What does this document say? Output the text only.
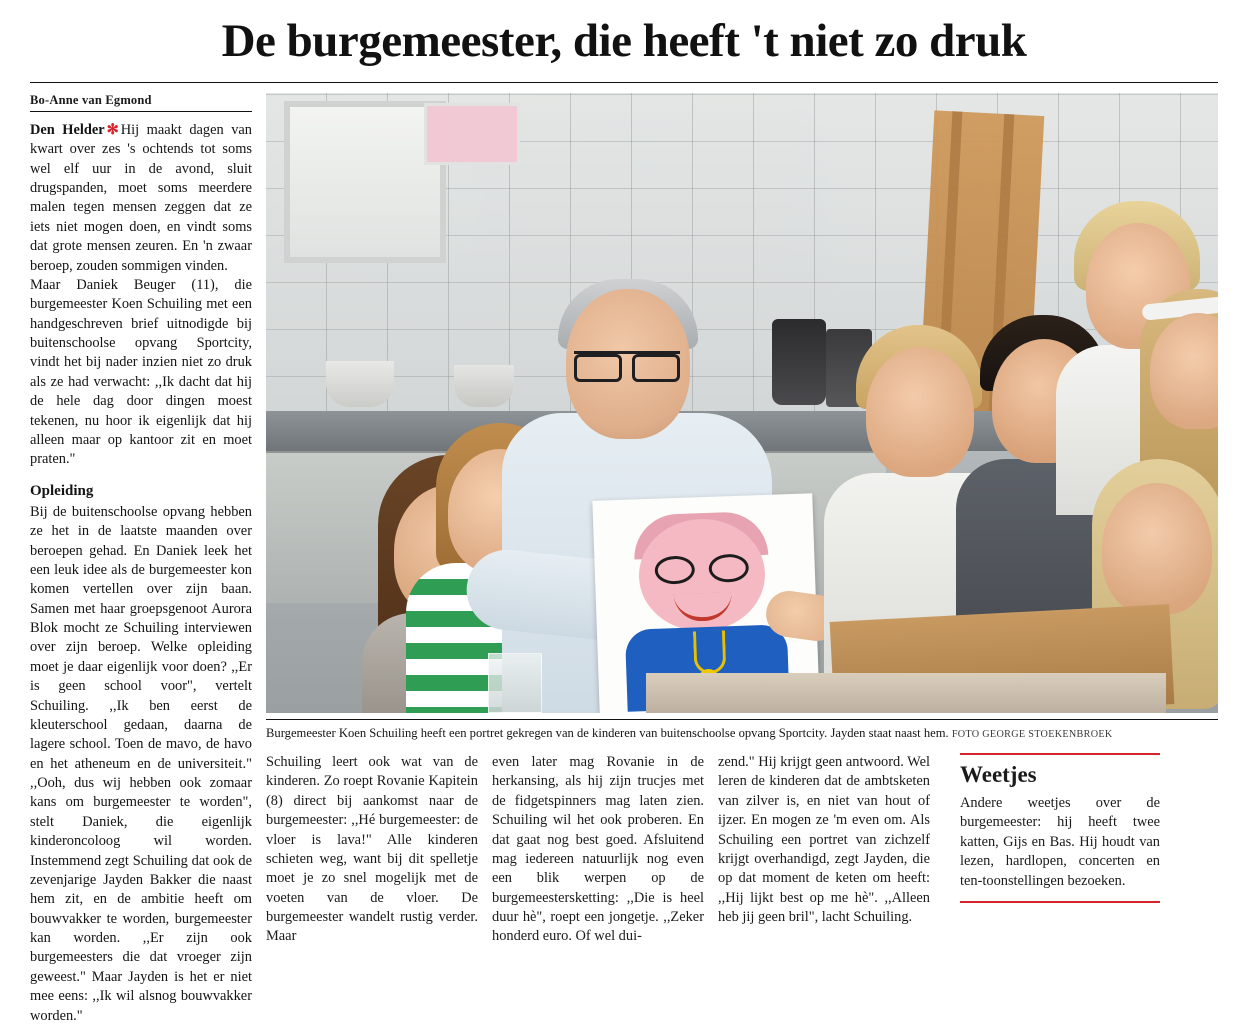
De burgemeester, die heeft 't niet zo druk
Bo-Anne van Egmond

Den Helder ✻ Hij maakt dagen van kwart over zes 's ochtends tot soms wel elf uur in de avond, sluit drugspanden, moet soms meerdere malen tegen mensen zeggen dat ze iets niet mogen doen, en vindt soms dat grote mensen zeuren. En 'n zwaar beroep, zouden sommigen vinden.

Maar Daniek Beuger (11), die burgemeester Koen Schuiling met een handgeschreven brief uitnodigde bij buitenschoolse opvang Sportcity, vindt het bij nader inzien niet zo druk als ze had verwacht: ,,Ik dacht dat hij de hele dag door dingen moest tekenen, nu hoor ik eigenlijk dat hij alleen maar op kantoor zit en moet praten."

Opleiding

Bij de buitenschoolse opvang hebben ze het in de laatste maanden over beroepen gehad. En Daniek leek het een leuk idee als de burgemeester kon komen vertellen over zijn baan. Samen met haar groepsgenoot Aurora Blok mocht ze Schuiling interviewen over zijn beroep. Welke opleiding moet je daar eigenlijk voor doen? ,,Er is geen school voor", vertelt Schuiling. ,,Ik ben eerst de kleuterschool gedaan, daarna de lagere school. Toen de mavo, de havo en het atheneum en de universiteit." ,,Ooh, dus wij hebben ook zomaar kans om burgemeester te worden", stelt Daniek, die eigenlijk kinderoncoloog wil worden. Instemmend zegt Schuiling dat ook de zevenjarige Jayden Bakker die naast hem zit, en de ambitie heeft om bouwvakker te worden, burgemeester kan worden. ,,Er zijn ook burgemeesters die dat vroeger zijn geweest." Maar Jayden is het er niet mee eens: ,,Ik wil alsnog bouwvakker worden."

Burgemeester Koen Schuiling heeft een portret gekregen van de kinderen van buitenschoolse opvang Sportcity. Jayden staat naast hem. FOTO GEORGE STOEKENBROEK

Schuiling leert ook wat van de kinderen. Zo roept Rovanie Kapitein (8) direct bij aankomst naar de burgemeester: ,,Hé burgemeester: de vloer is lava!" Alle kinderen schieten weg, want bij dit spelletje moet je zo snel mogelijk met de voeten van de vloer. De burgemeester wandelt rustig verder. Maar

even later mag Rovanie in de herkansing, als hij zijn trucjes met de fidgetspinners mag laten zien. Schuiling wil het ook proberen. En dat gaat nog best goed. Afsluitend mag iedereen natuurlijk nog even een blik werpen op de burgemeestersketting: ,,Die is heel duur hè", roept een jongetje. ,,Zeker honderd euro. Of wel dui-

zend." Hij krijgt geen antwoord. Wel leren de kinderen dat de ambtsketen van zilver is, en niet van hout of ijzer. En mogen ze 'm even om. Als Schuiling een portret van zichzelf krijgt overhandigd, zegt Jayden, die op dat moment de keten om heeft: ,,Hij lijkt best op me hè". ,,Alleen heb jij geen bril", lacht Schuiling.

Weetjes
Andere weetjes over de burgemeester: hij heeft twee katten, Gijs en Bas. Hij houdt van lezen, hardlopen, concerten en ten-toonstellingen bezoeken.
